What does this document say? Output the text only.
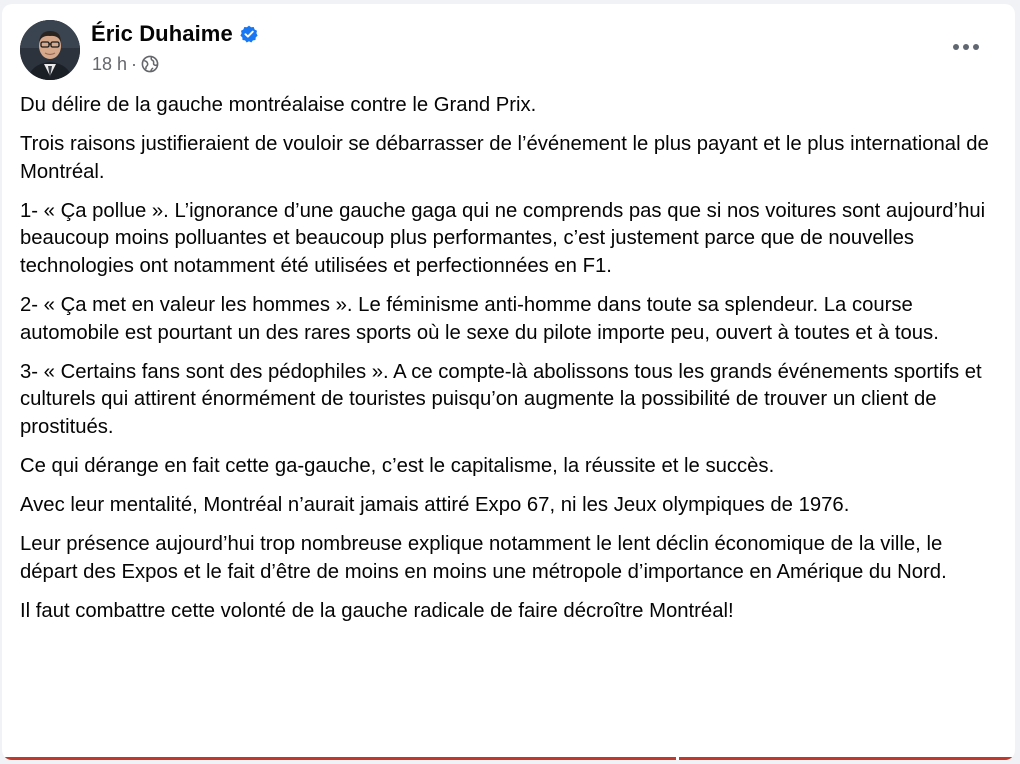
Éric Duhaime
18 h ·

Du délire de la gauche montréalaise contre le Grand Prix.

Trois raisons justifieraient de vouloir se débarrasser de l’événement le plus payant et le plus international de Montréal.

1- « Ça pollue ». L’ignorance d’une gauche gaga qui ne comprends pas que si nos voitures sont aujourd’hui beaucoup moins polluantes et beaucoup plus performantes, c’est justement parce que de nouvelles technologies ont notamment été utilisées et perfectionnées en F1.

2- « Ça met en valeur les hommes ». Le féminisme anti-homme dans toute sa splendeur. La course automobile est pourtant un des rares sports où le sexe du pilote importe peu, ouvert à toutes et à tous.

3- « Certains fans sont des pédophiles ». A ce compte-là abolissons tous les grands événements sportifs et culturels qui attirent énormément de touristes puisqu’on augmente la possibilité de trouver un client de prostitués.

Ce qui dérange en fait cette ga-gauche, c’est le capitalisme, la réussite et le succès.

Avec leur mentalité, Montréal n’aurait jamais attiré Expo 67, ni les Jeux olympiques de 1976.

Leur présence aujourd’hui trop nombreuse explique notamment le lent déclin économique de la ville, le départ des Expos et le fait d’être de moins en moins une métropole d’importance en Amérique du Nord.

Il faut combattre cette volonté de la gauche radicale de faire décroître Montréal!
